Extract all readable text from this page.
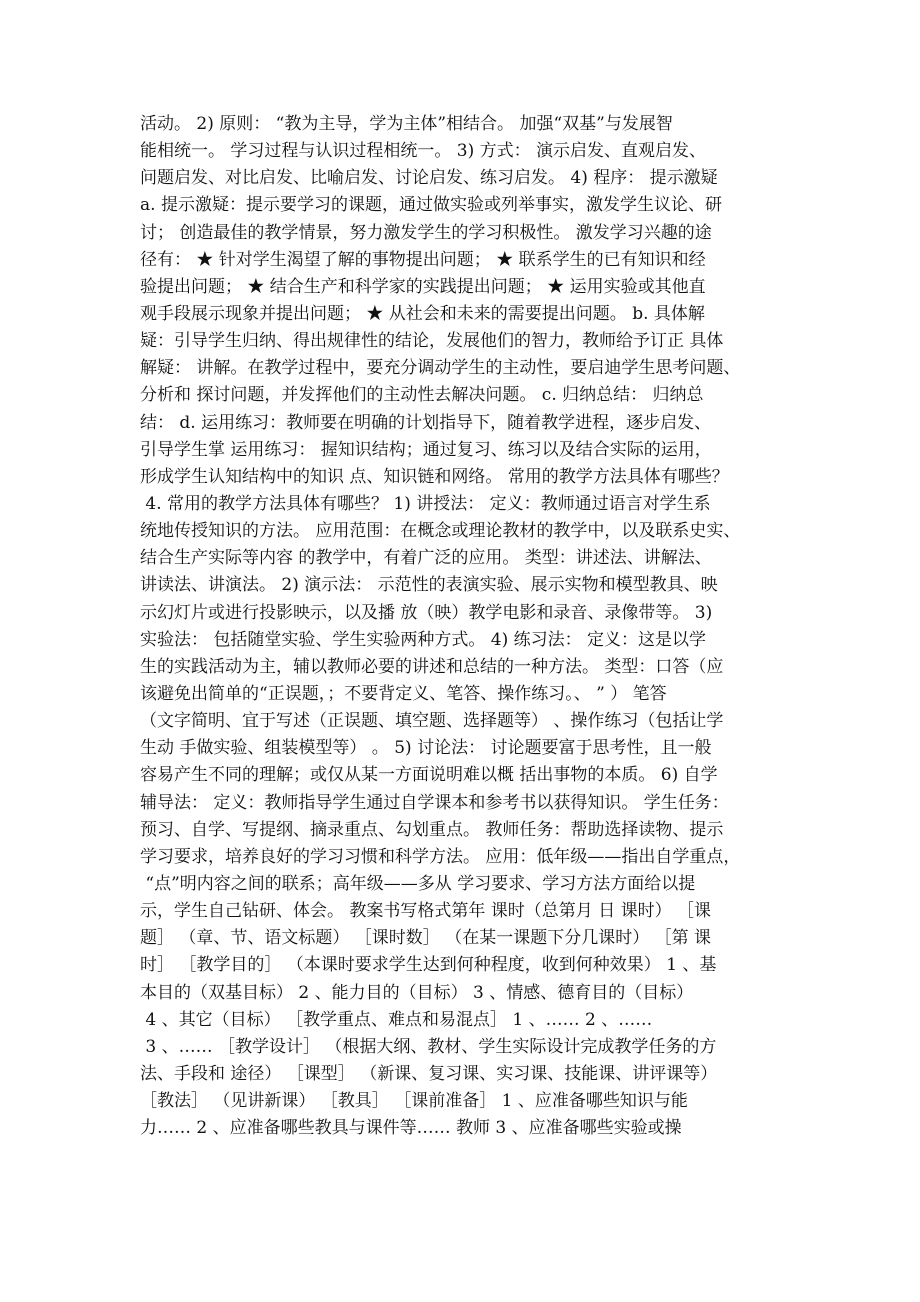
活动。 2) 原则： “教为主导，学为主体”相结合。 加强“双基”与发展智
能相统一。 学习过程与认识过程相统一。 3) 方式： 演示启发、直观启发、
问题启发、对比启发、比喻启发、讨论启发、练习启发。 4) 程序： 提示激疑
a. 提示激疑：提示要学习的课题，通过做实验或列举事实，激发学生议论、研
讨； 创造最佳的教学情景，努力激发学生的学习积极性。 激发学习兴趣的途
径有： ★ 针对学生渴望了解的事物提出问题； ★ 联系学生的已有知识和经
验提出问题； ★ 结合生产和科学家的实践提出问题； ★ 运用实验或其他直
观手段展示现象并提出问题； ★ 从社会和未来的需要提出问题。 b. 具体解
疑：引导学生归纳、得出规律性的结论，发展他们的智力，教师给予订正 具体
解疑： 讲解。在教学过程中，要充分调动学生的主动性，要启迪学生思考问题、
分析和 探讨问题，并发挥他们的主动性去解决问题。 c. 归纳总结： 归纳总
结： d. 运用练习：教师要在明确的计划指导下，随着教学进程，逐步启发、
引导学生掌 运用练习： 握知识结构；通过复习、练习以及结合实际的运用，
形成学生认知结构中的知识 点、知识链和网络。 常用的教学方法具体有哪些？
4. 常用的教学方法具体有哪些？ 1) 讲授法： 定义：教师通过语言对学生系
统地传授知识的方法。 应用范围：在概念或理论教材的教学中，以及联系史实、
结合生产实际等内容 的教学中，有着广泛的应用。 类型：讲述法、讲解法、
讲读法、讲演法。 2) 演示法： 示范性的表演实验、展示实物和模型教具、映
示幻灯片或进行投影映示，以及播 放（映）教学电影和录音、录像带等。 3)
实验法： 包括随堂实验、学生实验两种方式。 4) 练习法： 定义：这是以学
生的实践活动为主，辅以教师必要的讲述和总结的一种方法。 类型：口答（应
该避免出简单的“正误题，；不要背定义、笔答、操作练习。、 ” ） 笔答
（文字简明、宜于写述（正误题、填空题、选择题等） 、操作练习（包括让学
生动 手做实验、组装模型等） 。 5) 讨论法： 讨论题要富于思考性，且一般
容易产生不同的理解；或仅从某一方面说明难以概 括出事物的本质。 6) 自学
辅导法： 定义：教师指导学生通过自学课本和参考书以获得知识。 学生任务：
预习、自学、写提纲、摘录重点、勾划重点。 教师任务：帮助选择读物、提示
学习要求，培养良好的学习习惯和科学方法。 应用：低年级——指出自学重点，
“点”明内容之间的联系；高年级——多从 学习要求、学习方法方面给以提
示，学生自己钻研、体会。 教案书写格式第年 课时（总第月 日 课时） ［课
题］ （章、节、语文标题） ［课时数］ （在某一课题下分几课时） ［第 课
时］ ［教学目的］ （本课时要求学生达到何种程度，收到何种效果） 1 、基
本目的（双基目标） 2 、能力目的（目标） 3 、情感、德育目的（目标）
4 、其它（目标） ［教学重点、难点和易混点］ 1 、…… 2 、……
3 、…… ［教学设计］ （根据大纲、教材、学生实际设计完成教学任务的方
法、手段和 途径） ［课型］ （新课、复习课、实习课、技能课、讲评课等）
［教法］ （见讲新课） ［教具］ ［课前准备］ 1 、应准备哪些知识与能
力…… 2 、应准备哪些教具与课件等…… 教师 3 、应准备哪些实验或操
